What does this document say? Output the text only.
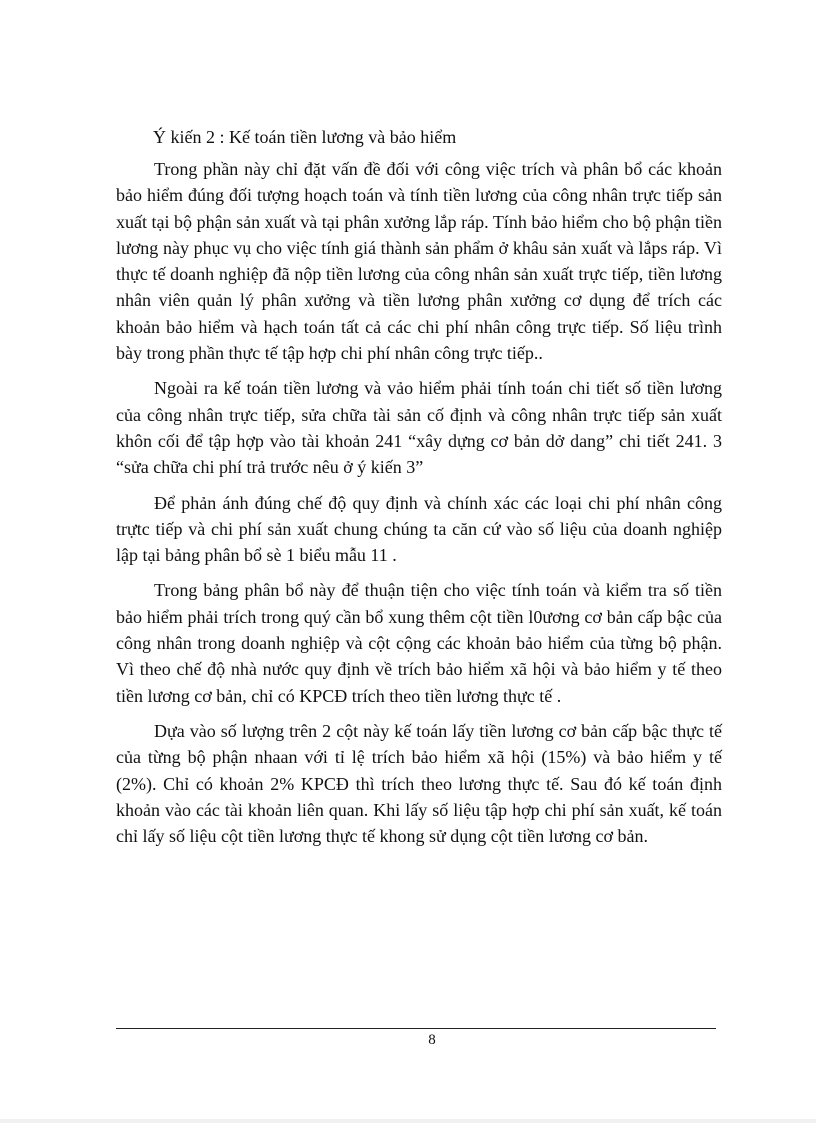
Ý kiến 2 : Kế toán tiền lương và bảo hiểm

Trong phần này chỉ đặt vấn đề đối với công việc trích và phân bổ các khoản bảo hiểm đúng đối tượng hoạch toán và tính tiền lương của công nhân trực tiếp sản xuất tại bộ phận sản xuất và tại phân xưởng lắp ráp. Tính bảo hiểm cho bộ phận tiền lương này phục vụ cho việc tính giá thành sản phẩm ở khâu sản xuất và lắps ráp. Vì thực tế doanh nghiệp đã nộp tiền lương của công nhân sản xuất trực tiếp, tiền lương nhân viên quản lý phân xưởng và tiền lương phân xưởng cơ dụng để trích các khoản bảo hiểm và hạch toán tất cả các chi phí nhân công trực tiếp. Số liệu trình bày trong phần thực tế tập hợp chi phí nhân công trực tiếp..

Ngoài ra kế toán tiền lương và vảo hiểm phải tính toán chi tiết số tiền lương của công nhân trực tiếp, sửa chữa tài sản cố định và công nhân trực tiếp sản xuất khôn cối để tập hợp vào tài khoản 241 “xây dựng cơ bản dở dang” chi tiết 241. 3 “sửa chữa chi phí trả trước nêu ở ý kiến 3”

Để phản ánh đúng chế độ quy định và chính xác các loại chi phí nhân công trựtc tiếp và chi phí sản xuất chung chúng ta căn cứ vào số liệu của doanh nghiệp lập tại bảng phân bổ sè 1 biểu mẫu 11 .

Trong bảng phân bổ này để thuận tiện cho việc tính toán và kiểm tra số tiền bảo hiểm phải trích trong quý cần bổ xung thêm cột tiền l0ương cơ bản cấp bậc của công nhân trong doanh nghiệp và cột cộng các khoản bảo hiểm của từng bộ phận. Vì theo chế độ nhà nước quy định về trích bảo hiểm xã hội và bảo hiểm y tế theo tiền lương cơ bản, chỉ có KPCĐ trích theo tiền lương thực tế .

Dựa vào số lượng trên 2 cột này kế toán lấy tiền lương cơ bản cấp bậc thực tế của từng bộ phận nhaan với tỉ lệ trích bảo hiểm xã hội (15%) và bảo hiểm y tế (2%). Chỉ có khoản 2% KPCĐ thì trích theo lương thực tế. Sau đó kế toán định khoản vào các tài khoản liên quan. Khi lấy số liệu tập hợp chi phí sản xuất, kế toán chỉ lấy số liệu cột tiền lương thực tế khong sử dụng cột tiền lương cơ bản.

8
